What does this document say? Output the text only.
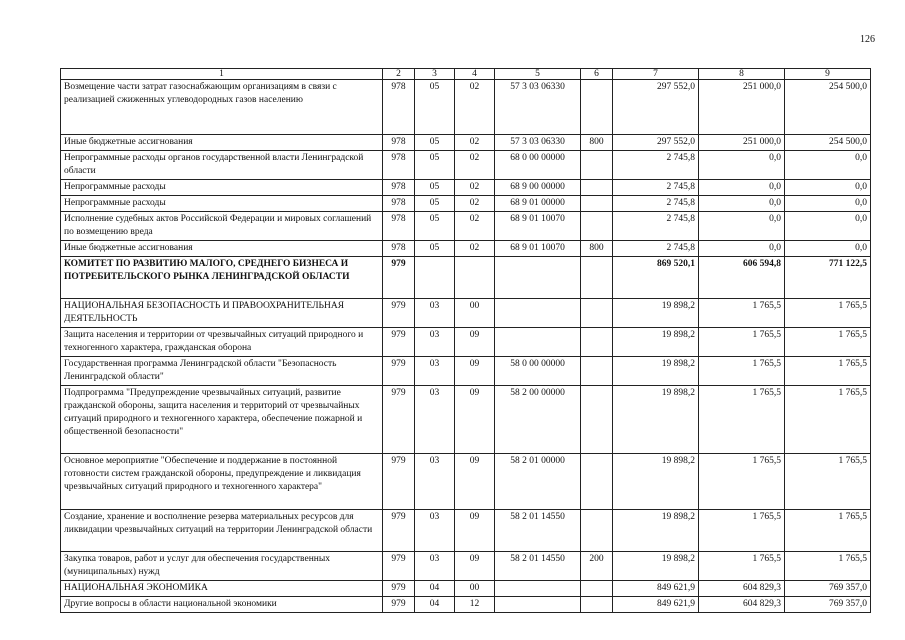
126
1	2	3	4	5	6	7	8	9
Возмещение части затрат газоснабжающим организациям в связи с реализацией сжиженных углеводородных газов населению	978	05	02	57 3 03 06330		297 552,0	251 000,0	254 500,0
Иные бюджетные ассигнования	978	05	02	57 3 03 06330	800	297 552,0	251 000,0	254 500,0
Непрограммные расходы органов государственной власти Ленинградской области	978	05	02	68 0 00 00000		2 745,8	0,0	0,0
Непрограммные расходы	978	05	02	68 9 00 00000		2 745,8	0,0	0,0
Непрограммные расходы	978	05	02	68 9 01 00000		2 745,8	0,0	0,0
Исполнение судебных актов Российской Федерации и мировых соглашений по возмещению вреда	978	05	02	68 9 01 10070		2 745,8	0,0	0,0
Иные бюджетные ассигнования	978	05	02	68 9 01 10070	800	2 745,8	0,0	0,0
КОМИТЕТ ПО РАЗВИТИЮ МАЛОГО, СРЕДНЕГО БИЗНЕСА И ПОТРЕБИТЕЛЬСКОГО РЫНКА ЛЕНИНГРАДСКОЙ ОБЛАСТИ	979					869 520,1	606 594,8	771 122,5
НАЦИОНАЛЬНАЯ БЕЗОПАСНОСТЬ И ПРАВООХРАНИТЕЛЬНАЯ ДЕЯТЕЛЬНОСТЬ	979	03	00			19 898,2	1 765,5	1 765,5
Защита населения и территории от чрезвычайных ситуаций природного и техногенного характера, гражданская оборона	979	03	09			19 898,2	1 765,5	1 765,5
Государственная программа Ленинградской области "Безопасность Ленинградской области"	979	03	09	58 0 00 00000		19 898,2	1 765,5	1 765,5
Подпрограмма "Предупреждение чрезвычайных ситуаций, развитие гражданской обороны, защита населения и территорий от чрезвычайных ситуаций природного и техногенного характера, обеспечение пожарной и общественной безопасности"	979	03	09	58 2 00 00000		19 898,2	1 765,5	1 765,5
Основное мероприятие "Обеспечение и поддержание в постоянной готовности систем гражданской обороны, предупреждение и ликвидация чрезвычайных ситуаций природного и техногенного характера"	979	03	09	58 2 01 00000		19 898,2	1 765,5	1 765,5
Создание, хранение и восполнение резерва материальных ресурсов для ликвидации чрезвычайных ситуаций на территории Ленинградской области	979	03	09	58 2 01 14550		19 898,2	1 765,5	1 765,5
Закупка товаров, работ и услуг для обеспечения государственных (муниципальных) нужд	979	03	09	58 2 01 14550	200	19 898,2	1 765,5	1 765,5
НАЦИОНАЛЬНАЯ ЭКОНОМИКА	979	04	00			849 621,9	604 829,3	769 357,0
Другие вопросы в области национальной экономики	979	04	12			849 621,9	604 829,3	769 357,0
